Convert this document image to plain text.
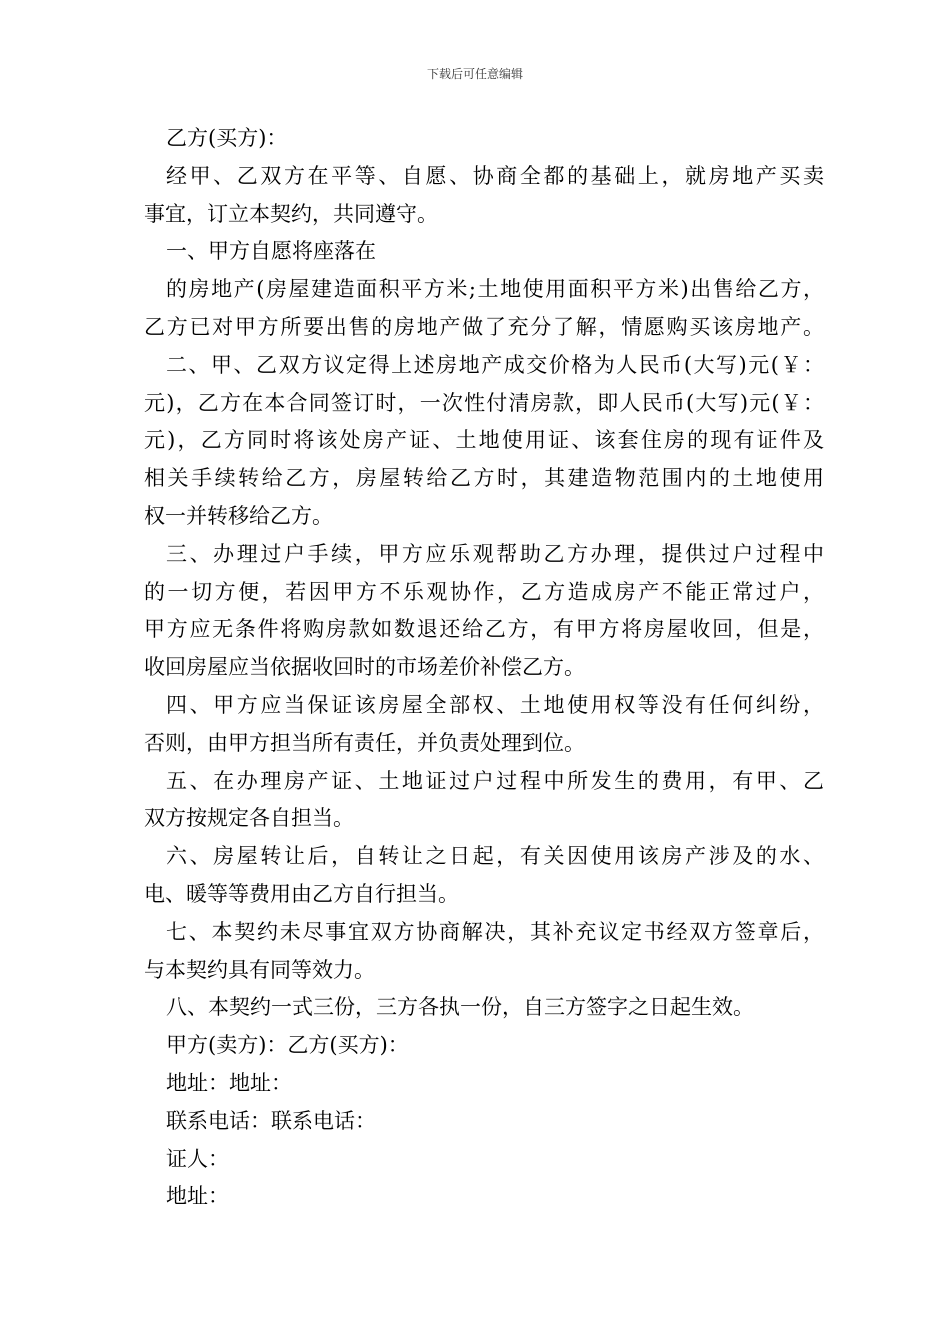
下载后可任意编辑
乙方(买方)：
经甲、乙双方在平等、自愿、协商全都的基础上，就房地产买卖
事宜，订立本契约，共同遵守。
一、甲方自愿将座落在
的房地产(房屋建造面积平方米;土地使用面积平方米)出售给乙方，
乙方已对甲方所要出售的房地产做了充分了解，情愿购买该房地产。
二、甲、乙双方议定得上述房地产成交价格为人民币(大写)元(￥：
元)，乙方在本合同签订时，一次性付清房款，即人民币(大写)元(￥：
元)，乙方同时将该处房产证、土地使用证、该套住房的现有证件及
相关手续转给乙方，房屋转给乙方时，其建造物范围内的土地使用
权一并转移给乙方。
三、办理过户手续，甲方应乐观帮助乙方办理，提供过户过程中
的一切方便，若因甲方不乐观协作，乙方造成房产不能正常过户，
甲方应无条件将购房款如数退还给乙方，有甲方将房屋收回，但是，
收回房屋应当依据收回时的市场差价补偿乙方。
四、甲方应当保证该房屋全部权、土地使用权等没有任何纠纷，
否则，由甲方担当所有责任，并负责处理到位。
五、在办理房产证、土地证过户过程中所发生的费用，有甲、乙
双方按规定各自担当。
六、房屋转让后，自转让之日起，有关因使用该房产涉及的水、
电、暖等等费用由乙方自行担当。
七、本契约未尽事宜双方协商解决，其补充议定书经双方签章后，
与本契约具有同等效力。
八、本契约一式三份，三方各执一份，自三方签字之日起生效。
甲方(卖方)：乙方(买方)：
地址：地址：
联系电话：联系电话：
证人：
地址：
